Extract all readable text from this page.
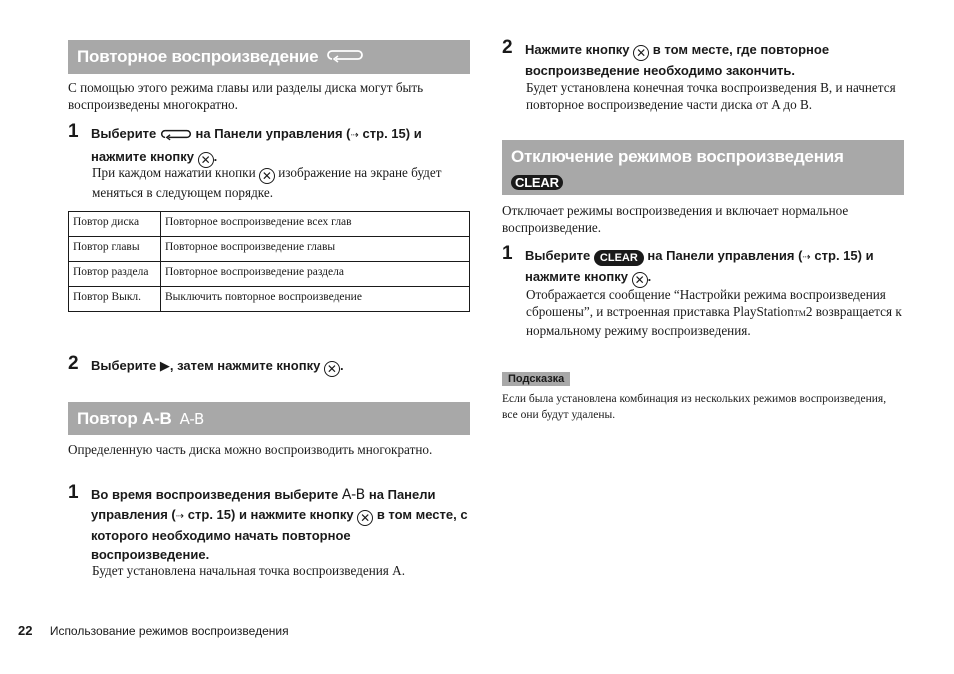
Повторное воспроизведение

С помощью этого режима главы или разделы диска могут быть воспроизведены многократно.

1 Выберите	на Панели управления (⇢ стр. 15) и нажмите кнопку ✕ .

При каждом нажатии кнопки ✕ изображение на экране будет меняться в следующем порядке.

Повтор диска	Повторное воспроизведение всех глав
Повтор главы	Повторное воспроизведение главы
Повтор раздела	Повторное воспроизведение раздела
Повтор Выкл.	Выключить повторное воспроизведение
2 Выберите ▶, затем нажмите кнопку ✕ .
Повтор A-B A-B

Определенную часть диска можно воспроизводить многократно.

1 Во время воспроизведения выберите A-B на Панели управления (⇢ стр. 15) и нажмите кнопку ✕ в том месте, с которого необходимо начать повторное воспроизведение.

Будет установлена начальная точка воспроизведения A.

2 Нажмите кнопку ✕ в том месте, где повторное воспроизведение необходимо закончить.

Будет установлена конечная точка воспроизведения B, и начнется повторное воспроизведение части диска от A до B.

Отключение режимов воспроизведения
CLEAR

Отключает режимы воспроизведения и включает нормальное воспроизведение.

1 Выберите CLEAR на Панели управления (⇢ стр. 15) и нажмите кнопку ✕ .

Отображается сообщение “Настройки режима воспроизведения сброшены”, и встроенная приставка PlayStationTM2 возвращается к нормальному режиму воспроизведения.

Подсказка

Если была установлена комбинация из нескольких режимов воспроизведения, все они будут удалены.

22 Использование режимов воспроизведения
